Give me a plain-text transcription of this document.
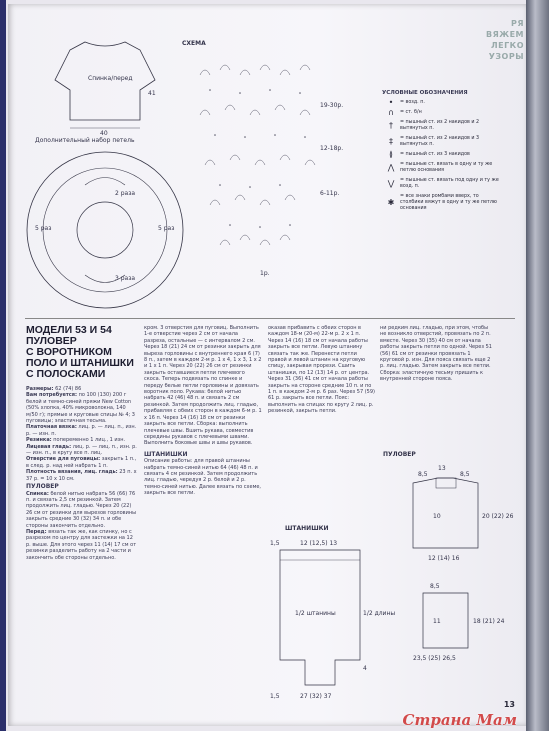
РЯ
ВЯЖЕМ
ЛЕГКО
УЗОРЫ
Спинка/перед
41
40
Дополнительный набор петель
2 раза
3 раза
5 раз	5 раз
СХЕМА
19-30р.
12-18р.
6-11р.
1р.
УСЛОВНЫЕ ОБОЗНАЧЕНИЯ
•	= возд. п.
∩	= ст. б/н
†	= пышный ст. из 2 накидов и 2 вытянутых п.
‡	= пышный ст. из 2 накидов и 3 вытянутых п.
≬	= пышный ст. из 3 накидов
⋀	= пышные ст. вязать в одну и ту же петлю основания
⋁	= пышные ст. вязать под одну и ту же возд. п.
✱
= все знаки ромбами вверх, то столбики вяжут в одну и ту же петлю основания
МОДЕЛИ 53 И 54
ПУЛОВЕР
С ВОРОТНИКОМ
ПОЛО И ШТАНИШКИ
С ПОЛОСКАМИ
Размеры: 62 (74) 86
Вам потребуется: по 100 (130) 200 г белой и темно-синей пряжи New Cotton (50% хлопка, 40% микроволокна, 140 м/50 г); прямые и круговые спицы № 4; 3 пуговицы; эластичная тесьма.
Платочная вязка: лиц. р. — лиц. п., изн. р. — изн. п.
Резинка: попеременно 1 лиц., 1 изн.
Лицевая гладь: лиц. р. — лиц. п., изн. р. — изн. п., в кругу все п. лиц.
Отверстие для пуговицы: закрыть 1 п., в след. р. над ней набрать 1 п.
Плотность вязания, лиц. гладь: 23 п. х 37 р. = 10 х 10 см.
ПУЛОВЕР
Спинка: белой нитью набрать 56 (66) 76 п. и связать 2,5 см резинкой. Затем продолжить лиц. гладью. Через 20 (22) 26 см от резинки для вырезов горловины закрыть средние 30 (32) 34 п. и обе стороны закончить отдельно.
Перед: вязать так же, как спинку, но с разрезом по центру для застежки на 12 р. выше. Для этого через 11 (14) 17 см от резинки разделить работу на 2 части и закончить обе стороны отдельно.
кром. 3 отверстия для пуговиц. Выполнить 1-е отверстие через 2 см от начала разреза, остальные — с интервалом 2 см. Через 18 (21) 24 см от резинки закрыть для выреза горловины с внутреннего края 6 (7) 8 п., затем в каждом 2-м р. 1 х 4, 1 х 3, 1 х 2 и 1 х 1 п. Через 20 (22) 26 см от резинки закрыть оставшиеся петли плечевого скоса. Теперь подвязать по спинке и переду белые петли горловины и довязать воротник поло. Рукава: белой нитью набрать 42 (46) 48 п. и связать 2 см резинкой. Затем продолжить лиц. гладью, прибавляя с обеих сторон в каждом 6-м р. 1 х 16 п. Через 14 (16) 18 см от резинки закрыть все петли. Сборка: выполнить плечевые швы. Вшить рукава, совместив середины рукавов с плечевыми швами. Выполнить боковые швы и швы рукавов.
ШТАНИШКИ
Описание работы: для правой штанины набрать темно-синей нитью 64 (46) 48 п. и связать 4 см резинкой. Затем продолжить лиц. гладью, чередуя 2 р. белой и 2 р. темно-синей нитью. Далее вязать по схеме, закрыть все петли.
оказав прибавить с обеих сторон в каждом 18-м (20-м) 22-м р. 2 х 1 п. Через 14 (16) 18 см от начала работы закрыть все петли. Левую штанину связать так же. Перенести петли правой и левой штанин на круговую спицу, закрывая прорези. Сшить штанишки, по 12 (13) 14 р. от центра. Через 31 (36) 41 см от начала работы закрыть на стороне средние 10 п. и по 1 п. в каждом 2-м р. 6 раз. Через 57 (59) 61 р. закрыть все петли. Пояс: выполнить на спицах по кругу 2 лиц. р. резинкой, закрыть петли.
ни редким лиц. гладью, при этом, чтобы не возникло отверстий, провязать по 2 п. вместе. Через 30 (35) 40 см от начала работы закрыть петли по одной. Через 51 (56) 61 см от резинки провязать 1 круговой р. изн. Для пояса связать еще 2 р. лиц. гладью. Затем закрыть все петли. Сборка: эластичную тесьму пришить к внутренней стороне пояса.
ПУЛОВЕР
13
8,5	8,5
20 (22) 26
10
12 (14) 16
8,5
18 (21) 24
11
23,5 (25) 26,5
ШТАНИШКИ
1,5	12 (12,5) 13
1/2 штанины	1/2 длины
27 (32) 37
4
1,5
13
Страна Мам
